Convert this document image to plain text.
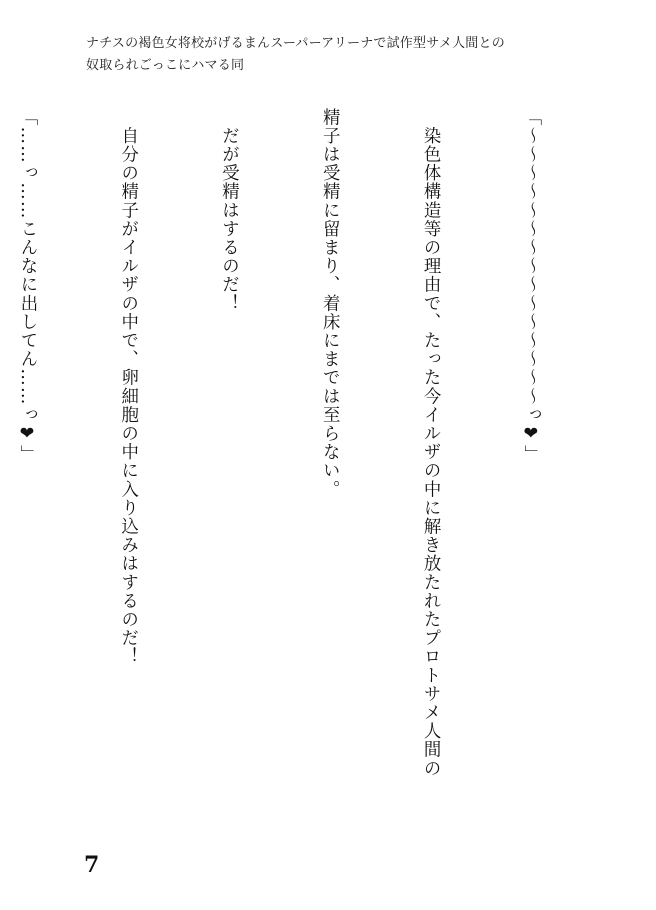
ナチスの褐色女将校がげるまんスーパーアリーナで試作型サメ人間との
奴取られごっこにハマる同

「〜〜〜〜〜〜〜〜〜〜〜〜〜〜〜っ❤」

　染色体構造等の理由で、たった今イルザの中に解き放たれたプロトサメ人間の

精子は受精に留まり、着床にまでは至らない。

　だが受精はするのだ！

　自分の精子がイルザの中で、卵細胞の中に入り込みはするのだ！

「……っ……こんなに出してん……っ❤」

7
